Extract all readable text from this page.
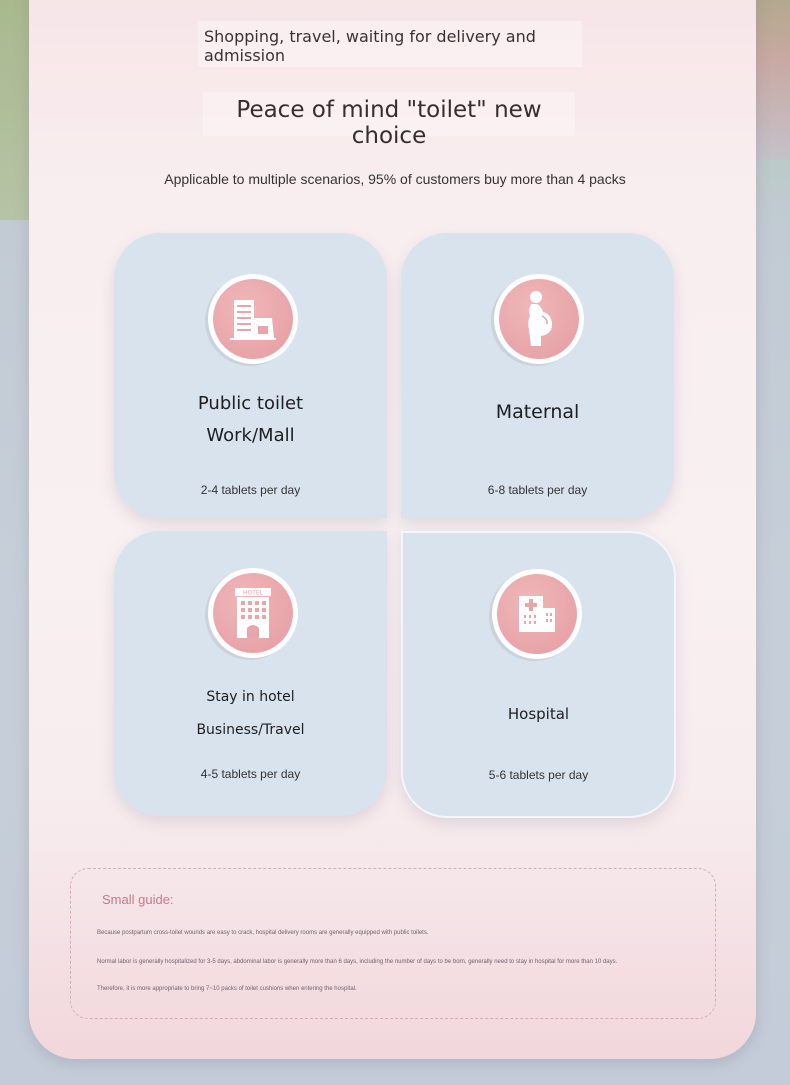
Shopping, travel, waiting for delivery and admission
Peace of mind "toilet" new choice
Applicable to multiple scenarios, 95% of customers buy more than 4 packs
Public toilet
Work/Mall
2-4 tablets per day
Maternal
6-8 tablets per day
HOTEL
Stay in hotel
Business/Travel
4-5 tablets per day
Hospital
5-6 tablets per day
Small guide:
Because postpartum cross-toilet wounds are easy to crack, hospital delivery rooms are generally equipped with public toilets.
Normal labor is generally hospitalized for 3-5 days, abdominal labor is generally more than 6 days, including the number of days to be born, generally need to stay in hospital for more than 10 days.
Therefore, it is more appropriate to bring 7~10 packs of toilet cushions when entering the hospital.
